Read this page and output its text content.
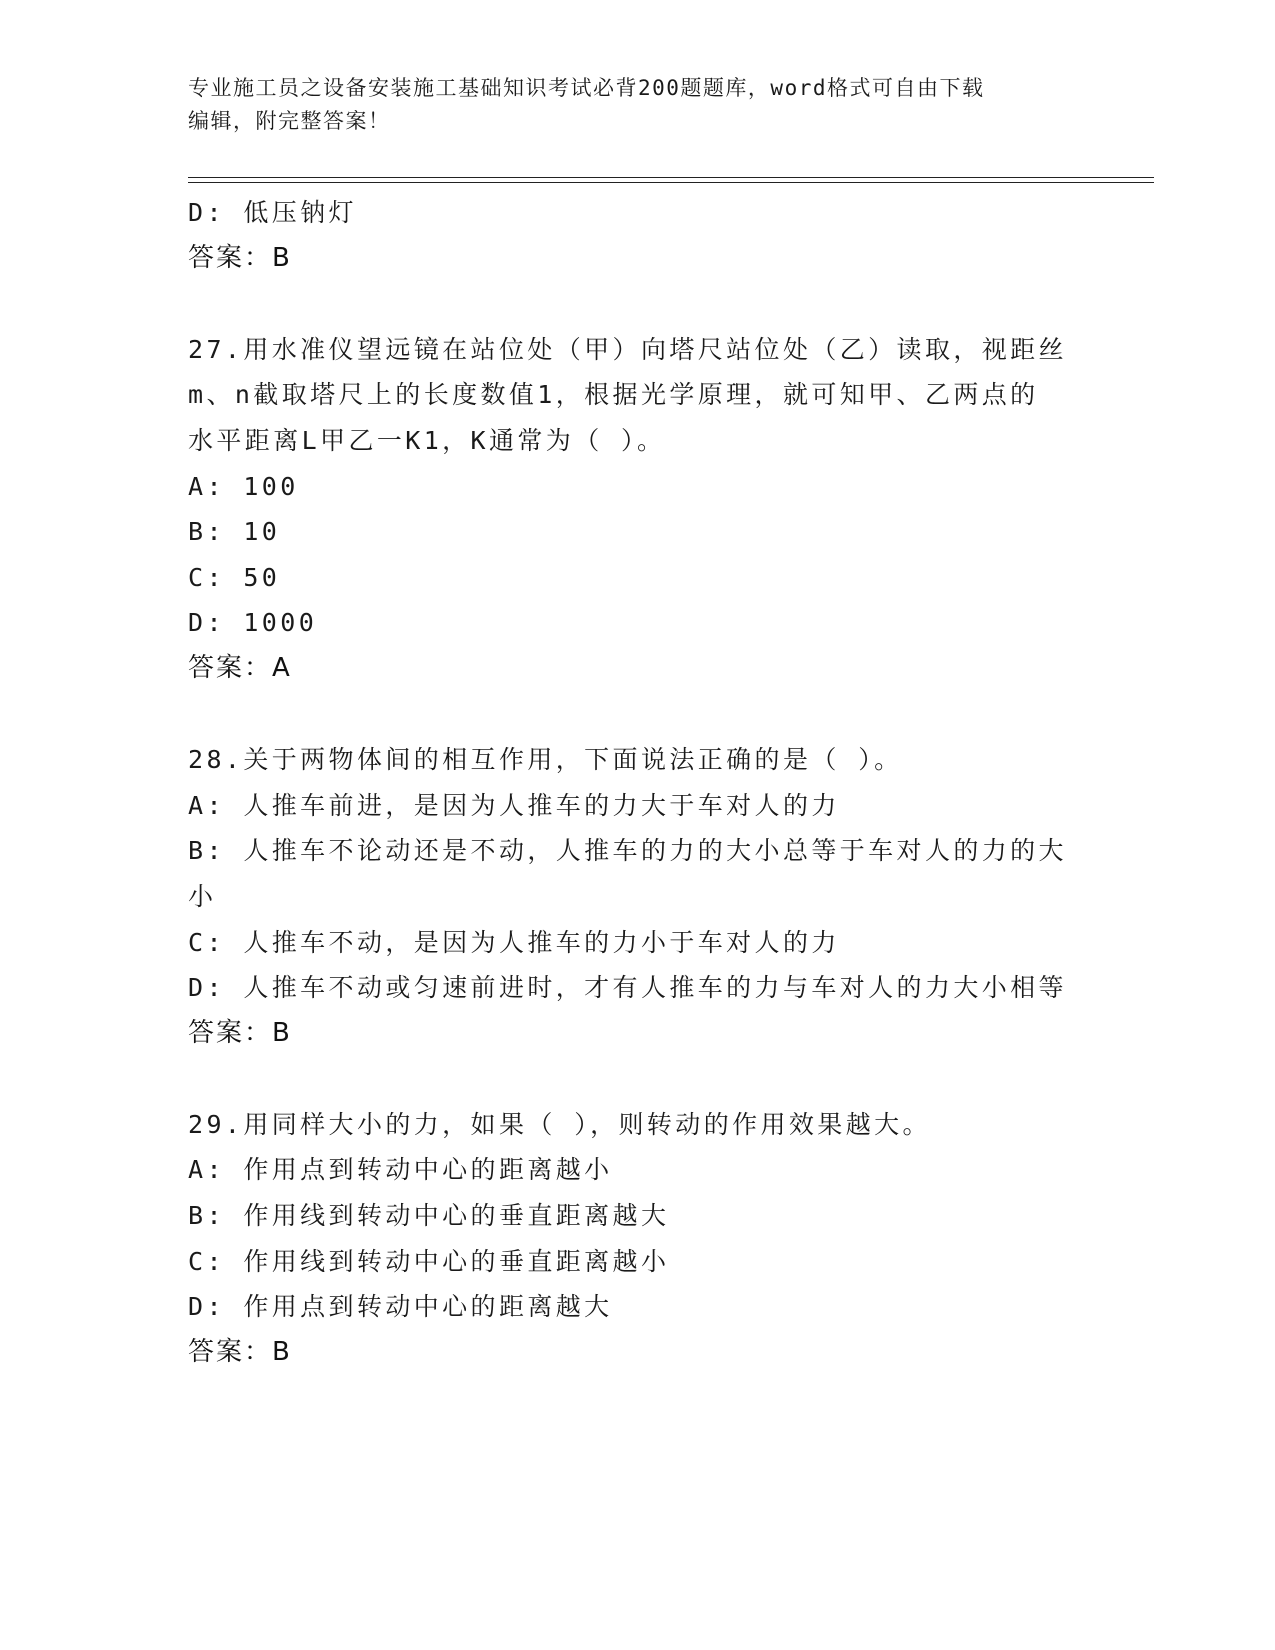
专业施工员之设备安装施工基础知识考试必背200题题库，word格式可自由下载
编辑，附完整答案！
D: 低压钠灯
答案：B
27.用水准仪望远镜在站位处（甲）向塔尺站位处（乙）读取，视距丝
m、n截取塔尺上的长度数值1，根据光学原理，就可知甲、乙两点的
水平距离L甲乙一K1，K通常为（ ）。
A: 100
B: 10
C: 50
D: 1000
答案：A
28.关于两物体间的相互作用，下面说法正确的是（ ）。
A: 人推车前进，是因为人推车的力大于车对人的力
B: 人推车不论动还是不动，人推车的力的大小总等于车对人的力的大
小
C: 人推车不动，是因为人推车的力小于车对人的力
D: 人推车不动或匀速前进时，才有人推车的力与车对人的力大小相等
答案：B
29.用同样大小的力，如果（ ），则转动的作用效果越大。
A: 作用点到转动中心的距离越小
B: 作用线到转动中心的垂直距离越大
C: 作用线到转动中心的垂直距离越小
D: 作用点到转动中心的距离越大
答案：B
